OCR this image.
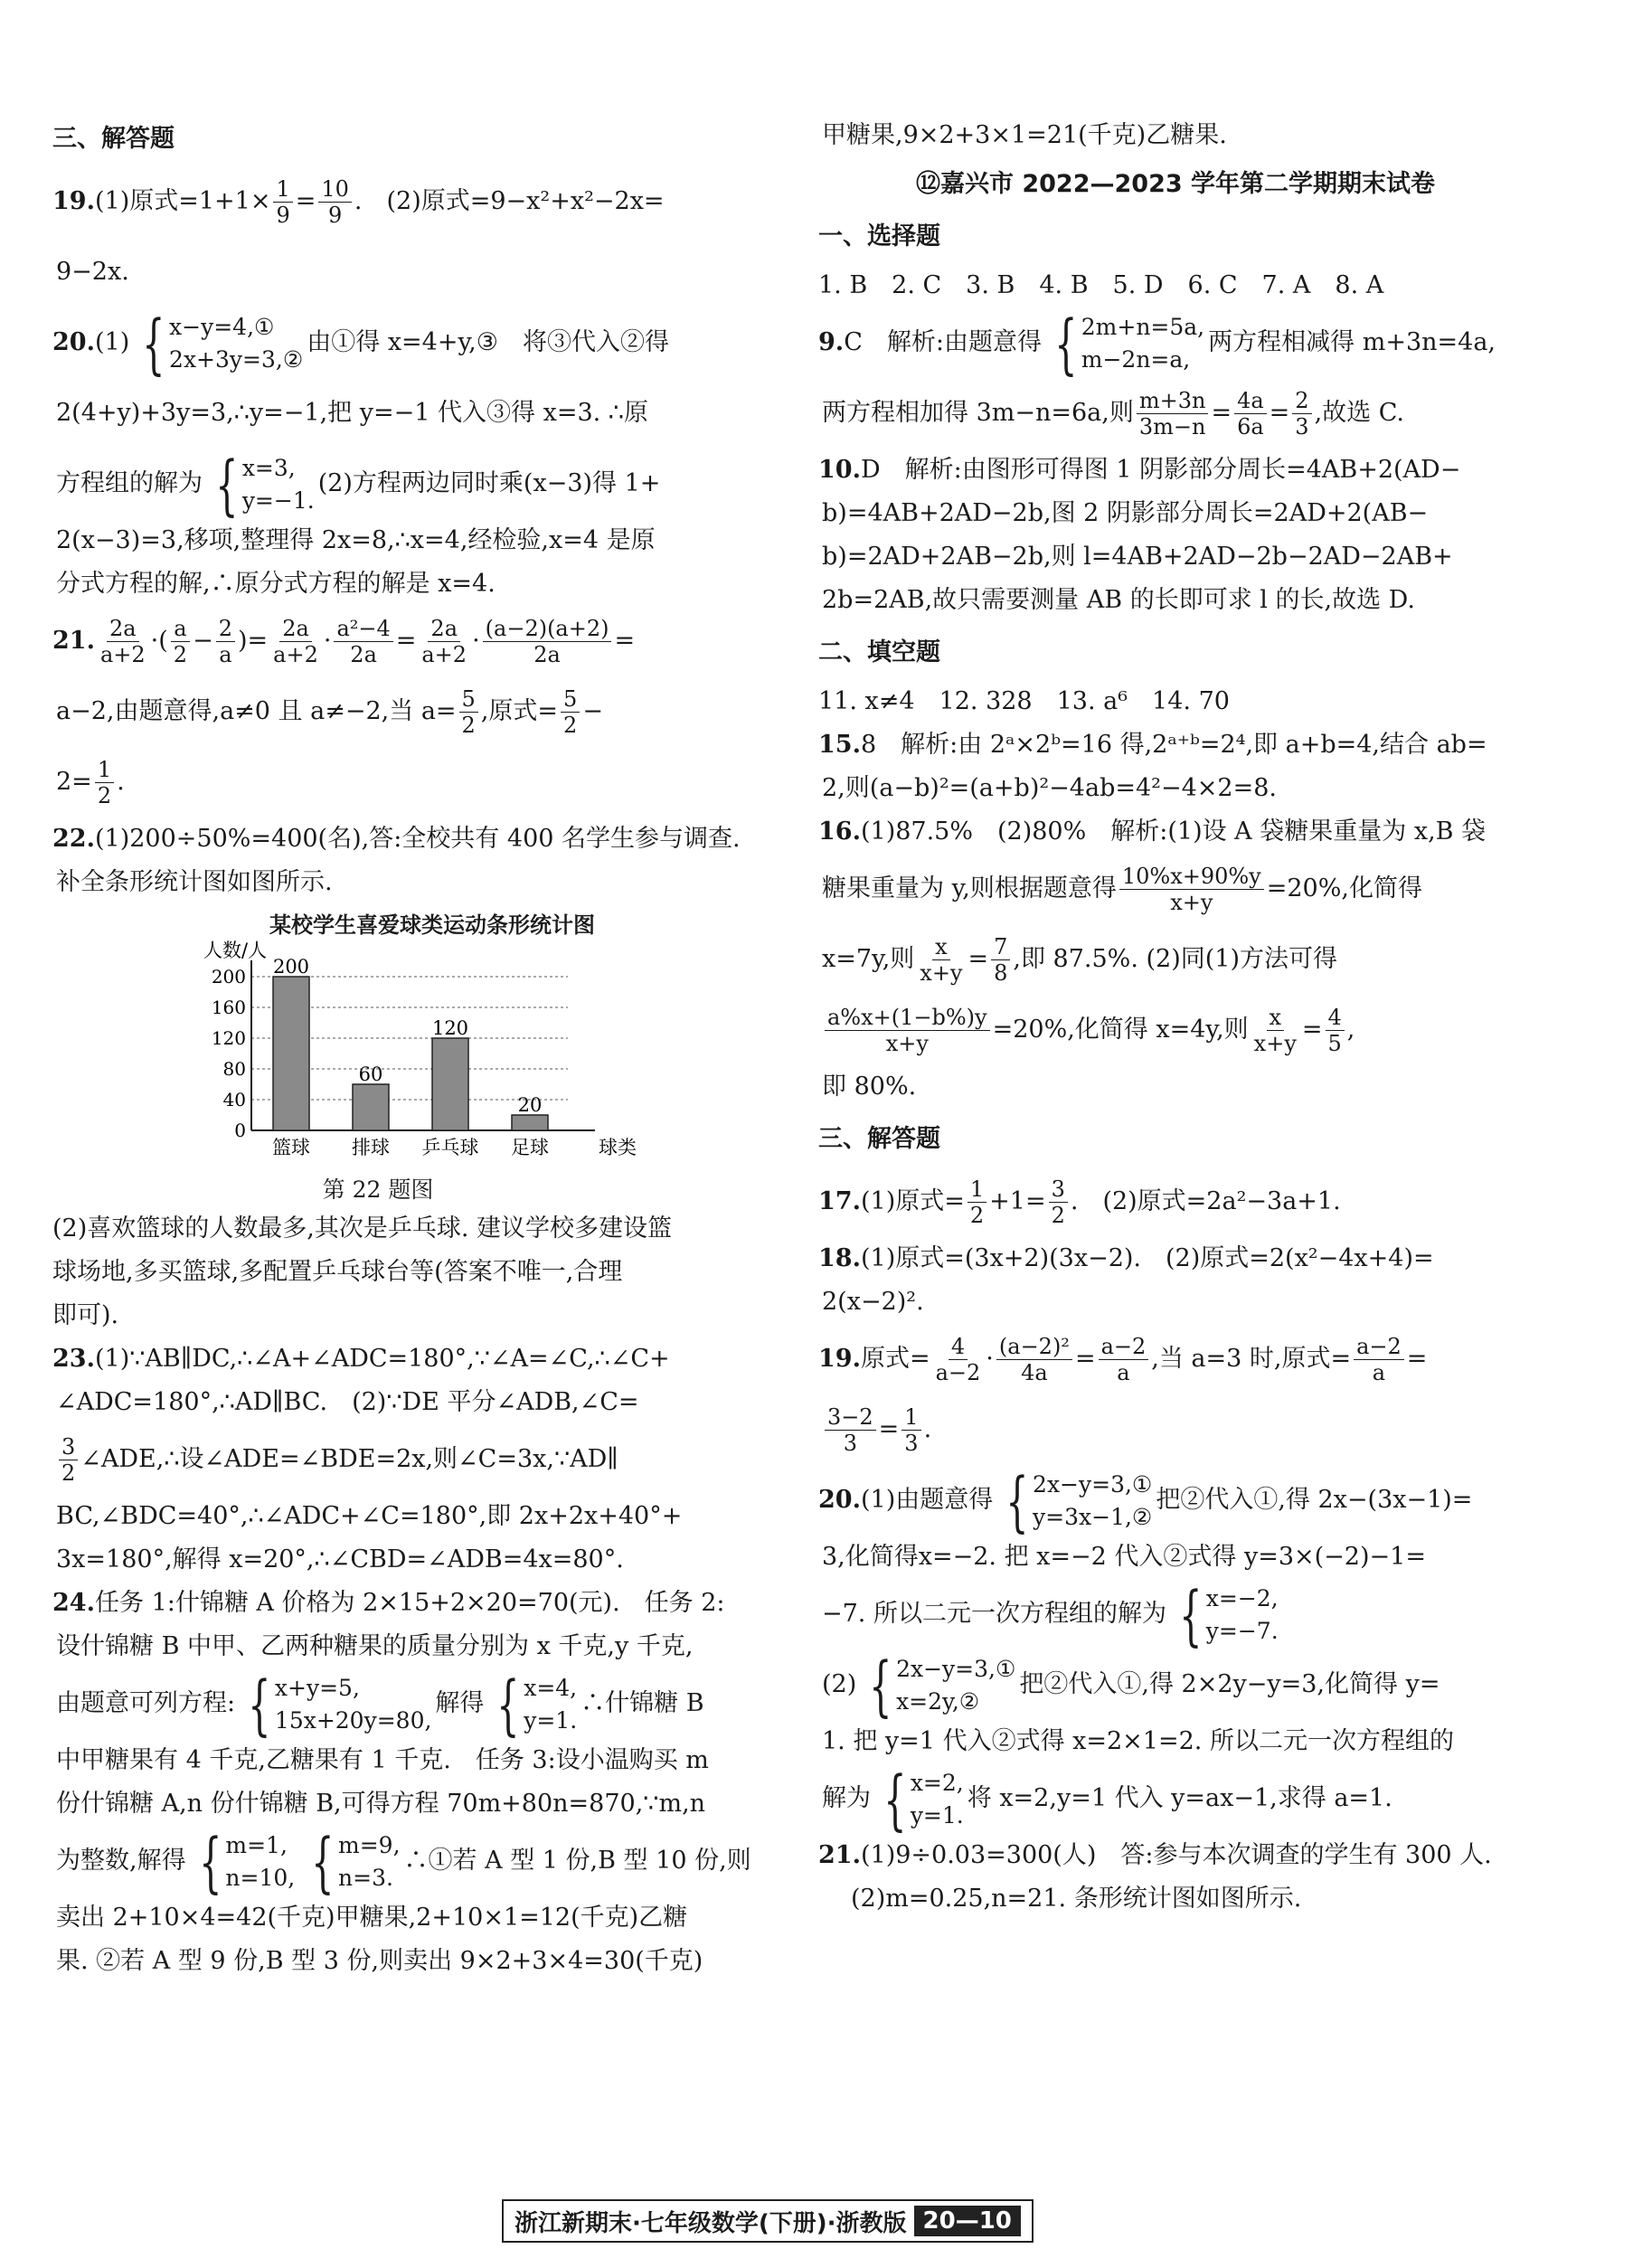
三、解答题
19.(1)原式$=1+1\times \frac{1}{9} = \frac{10}{9}$ .　(2)原式=9−x²+x²−2x=
9−2x.
20.(1) { x−y=4,①
2x+3y=3,②
由①得 x=4+y,③　将③代入②得
2(4+y)+3y=3,∴y=−1,把 y=−1 代入③得 x=3. ∴原
方程组的解为 { x=3,
y=−1.
(2)方程两边同时乘(x−3)得 1+
2(x−3)=3,移项,整理得 2x=8,∴x=4,经检验,x=4 是原
分式方程的解,∴原分式方程的解是 x=4.
21. $\frac{2a}{a+2}$ ·( $\frac{a}{2} - \frac{2}{a}$ )= $\frac{2a}{a+2} \cdot \frac{\text{a²−4}}{2a} = \frac{2a}{a+2} \cdot \frac{(a-2)(a+2)}{2a}$ =
a−2,由题意得,a≠0 且 a≠−2,当 $a= \frac{5}{2}$ ,原式= $\frac{5}{2}$ −
$2= \frac{1}{2}$ .
22.(1)200÷50%=400(名),答:全校共有 400 名学生参与调查.
补全条形统计图如图所示.
某校学生喜爱球类运动条形统计图
0
40
80
120
160
200
人数/人
球类
200
篮球
60
排球
120
乒乓球
20
足球
第 22 题图
(2)喜欢篮球的人数最多,其次是乒乓球. 建议学校多建设篮
球场地,多买篮球,多配置乒乓球台等(答案不唯一,合理
即可).
23.(1)∵AB∥DC,∴∠A+∠ADC=180°,∵∠A=∠C,∴∠C+
∠ADC=180°,∴AD∥BC.　(2)∵DE 平分∠ADB,∠C=
$\frac{3}{2}$ ∠ADE,∴设∠ADE=∠BDE=2x,则∠C=3x,∵AD∥
BC,∠BDC=40°,∴∠ADC+∠C=180°,即 2x+2x+40°+
3x=180°,解得 x=20°,∴∠CBD=∠ADB=4x=80°.
24.任务 1:什锦糖 A 价格为 2×15+2×20=70(元).　任务 2:
设什锦糖 B 中甲、乙两种糖果的质量分别为 x 千克,y 千克,
由题意可列方程: { x+y=5,
15x+20y=80,
解得 { x=4,
y=1.
∴什锦糖 B
中甲糖果有 4 千克,乙糖果有 1 千克.　任务 3:设小温购买 m
份什锦糖 A,n 份什锦糖 B,可得方程 70m+80n=870,∵m,n
为整数,解得 { m=1,
n=10, { m=9,
n=3.
∴①若 A 型 1 份,B 型 10 份,则
卖出 2+10×4=42(千克)甲糖果,2+10×1=12(千克)乙糖
果. ②若 A 型 9 份,B 型 3 份,则卖出 9×2+3×4=30(千克)
甲糖果,9×2+3×1=21(千克)乙糖果.
⑫嘉兴市 2022—2023 学年第二学期期末试卷
一、选择题
1. B　2. C　3. B　4. B　5. D　6. C　7. A　8. A
9.C　解析:由题意得 { 2m+n=5a,
m−2n=a,
两方程相减得 m+3n=4a,
两方程相加得 3m−n=6a,则 $\frac{m+3n}{3m-n} = \frac{4a}{6a} = \frac{2}{3}$ ,故选 C.
10.D　解析:由图形可得图 1 阴影部分周长=4AB+2(AD−
b)=4AB+2AD−2b,图 2 阴影部分周长=2AD+2(AB−
b)=2AD+2AB−2b,则 l=4AB+2AD−2b−2AD−2AB+
2b=2AB,故只需要测量 AB 的长即可求 l 的长,故选 D.
二、填空题
11. x≠4　12. 328　13. a⁶　14. 70
15.8　解析:由 2ᵃ×2ᵇ=16 得,2ᵃ⁺ᵇ=2⁴,即 a+b=4,结合 ab=
2,则(a−b)²=(a+b)²−4ab=4²−4×2=8.
16.(1)87.5%　(2)80%　解析:(1)设 A 袋糖果重量为 x,B 袋
糖果重量为 y,则根据题意得 $\frac{10\%x+90\%y}{x+y} =20\%$,化简得
x=7y,则 $\frac{x}{x+y} = \frac{7}{8}$ ,即 87.5%. (2)同(1)方法可得
$\frac{a\%x+(1-b\%)y}{x+y} =20\%$,化简得 x=4y,则 $\frac{x}{x+y} = \frac{4}{5}$ ,
即 80%.
三、解答题
17.(1)原式= $\frac{1}{2} +1= \frac{3}{2}$ .　(2)原式=2a²−3a+1.
18.(1)原式=(3x+2)(3x−2).　(2)原式=2(x²−4x+4)=
2(x−2)².
19.原式= $\frac{4}{a-2} \cdot \frac{\text{(a−2)²}}{4a} = \frac{a-2}{a}$ ,当 a=3 时,原式= $\frac{a-2}{a}$ =
$\frac{3-2}{3} = \frac{1}{3}$ .
20.(1)由题意得 { 2x−y=3,①
y=3x−1,②
把②代入①,得 2x−(3x−1)=
3,化简得x=−2. 把 x=−2 代入②式得 y=3×(−2)−1=
−7. 所以二元一次方程组的解为 { x=−2,
y=−7.
(2) { 2x−y=3,①
x=2y,②
把②代入①,得 2×2y−y=3,化简得 y=
1. 把 y=1 代入②式得 x=2×1=2. 所以二元一次方程组的
解为 { x=2,
y=1.
将 x=2,y=1 代入 y=ax−1,求得 a=1.
21.(1)9÷0.03=300(人)　答:参与本次调查的学生有 300 人.
(2)m=0.25,n=21. 条形统计图如图所示.
浙江新期末·七年级数学(下册)·浙教版 20—10
